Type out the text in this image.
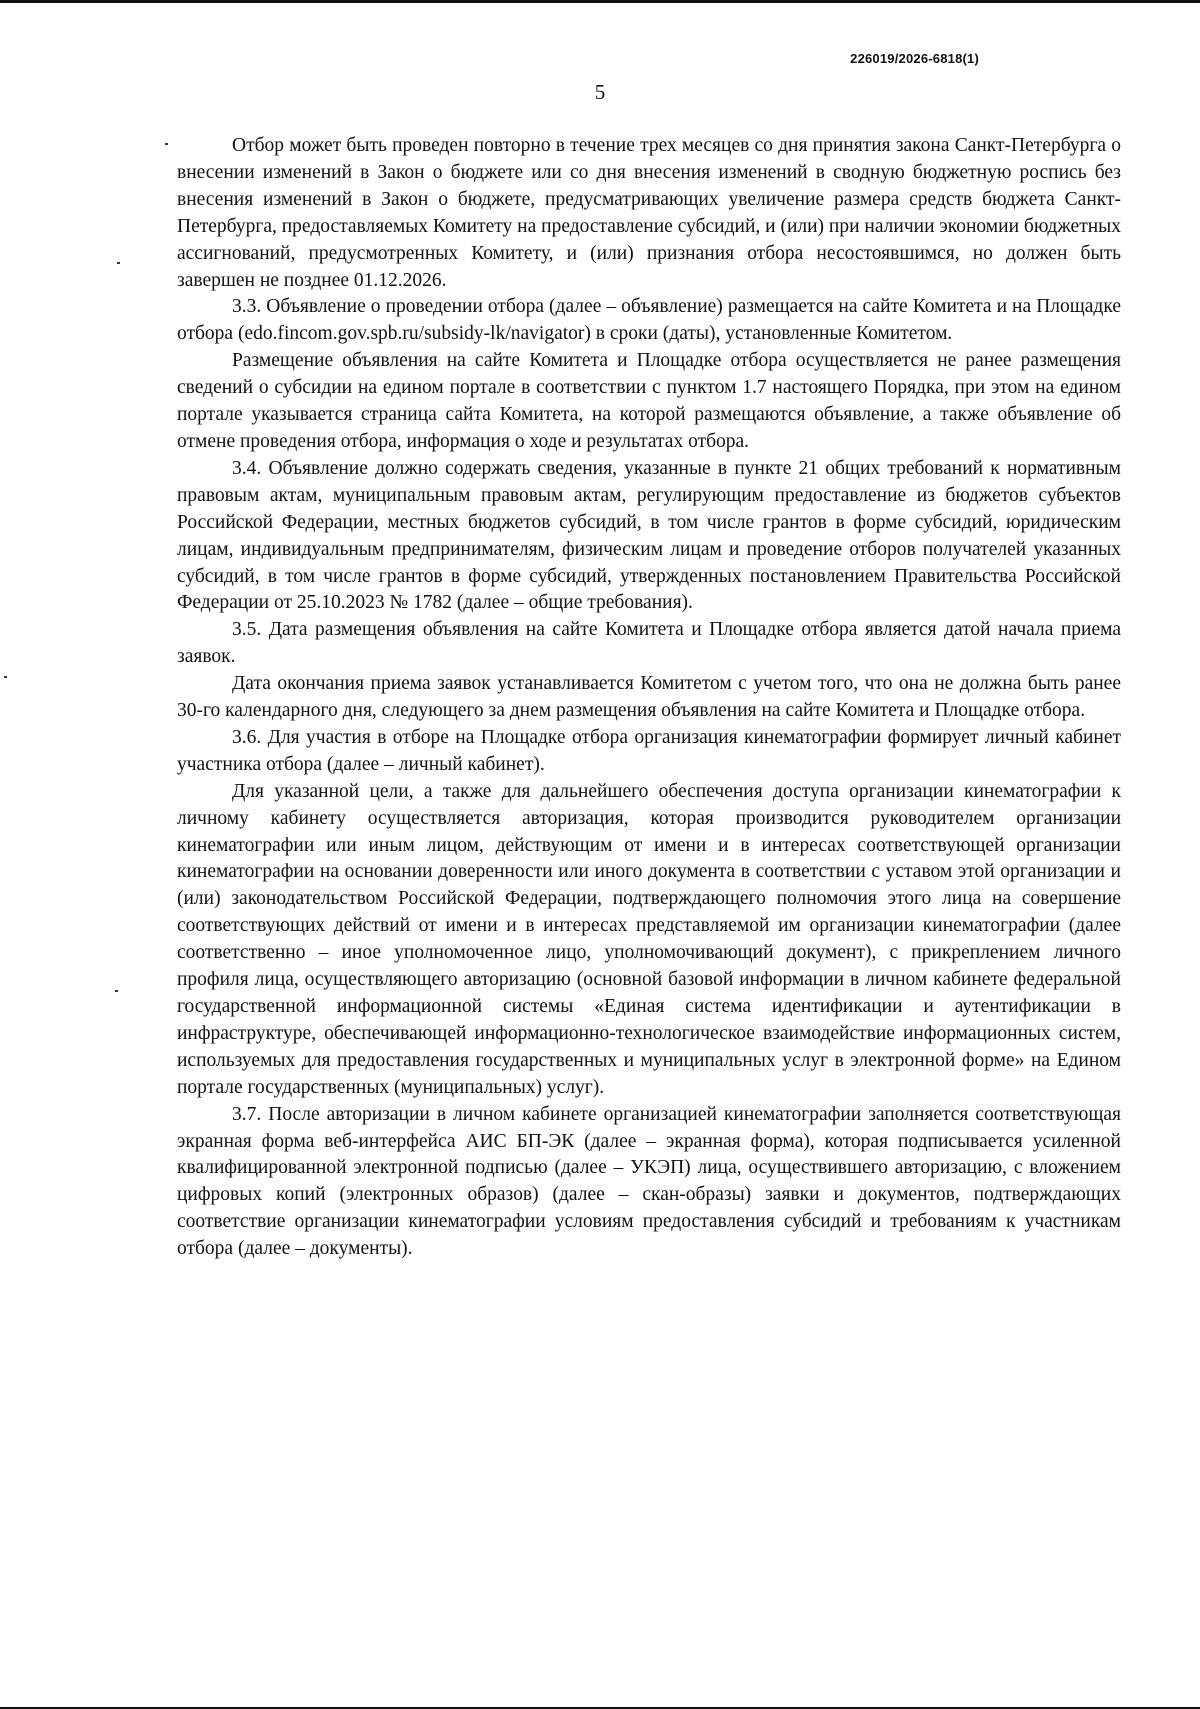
226019/2026-6818(1)
5

Отбор может быть проведен повторно в течение трех месяцев со дня принятия закона Санкт-Петербурга о внесении изменений в Закон о бюджете или со дня внесения изменений в сводную бюджетную роспись без внесения изменений в Закон о бюджете, предусматривающих увеличение размера средств бюджета Санкт-Петербурга, предоставляемых Комитету на предоставление субсидий, и (или) при наличии экономии бюджетных ассигнований, предусмотренных Комитету, и (или) признания отбора несостоявшимся, но должен быть завершен не позднее 01.12.2026.

3.3. Объявление о проведении отбора (далее – объявление) размещается на сайте Комитета и на Площадке отбора (edo.fincom.gov.spb.ru/subsidy-lk/navigator) в сроки (даты), установленные Комитетом.

Размещение объявления на сайте Комитета и Площадке отбора осуществляется не ранее размещения сведений о субсидии на едином портале в соответствии с пунктом 1.7 настоящего Порядка, при этом на едином портале указывается страница сайта Комитета, на которой размещаются объявление, а также объявление об отмене проведения отбора, информация о ходе и результатах отбора.

3.4. Объявление должно содержать сведения, указанные в пункте 21 общих требований к нормативным правовым актам, муниципальным правовым актам, регулирующим предоставление из бюджетов субъектов Российской Федерации, местных бюджетов субсидий, в том числе грантов в форме субсидий, юридическим лицам, индивидуальным предпринимателям, физическим лицам и проведение отборов получателей указанных субсидий, в том числе грантов в форме субсидий, утвержденных постановлением Правительства Российской Федерации от 25.10.2023 № 1782 (далее – общие требования).

3.5. Дата размещения объявления на сайте Комитета и Площадке отбора является датой начала приема заявок.

Дата окончания приема заявок устанавливается Комитетом с учетом того, что она не должна быть ранее 30-го календарного дня, следующего за днем размещения объявления на сайте Комитета и Площадке отбора.

3.6. Для участия в отборе на Площадке отбора организация кинематографии формирует личный кабинет участника отбора (далее – личный кабинет).

Для указанной цели, а также для дальнейшего обеспечения доступа организации кинематографии к личному кабинету осуществляется авторизация, которая производится руководителем организации кинематографии или иным лицом, действующим от имени и в интересах соответствующей организации кинематографии на основании доверенности или иного документа в соответствии с уставом этой организации и (или) законодательством Российской Федерации, подтверждающего полномочия этого лица на совершение соответствующих действий от имени и в интересах представляемой им организации кинематографии (далее соответственно – иное уполномоченное лицо, уполномочивающий документ), с прикреплением личного профиля лица, осуществляющего авторизацию (основной базовой информации в личном кабинете федеральной государственной информационной системы «Единая система идентификации и аутентификации в инфраструктуре, обеспечивающей информационно-технологическое взаимодействие информационных систем, используемых для предоставления государственных и муниципальных услуг в электронной форме» на Едином портале государственных (муниципальных) услуг).

3.7. После авторизации в личном кабинете организацией кинематографии заполняется соответствующая экранная форма веб-интерфейса АИС БП-ЭК (далее – экранная форма), которая подписывается усиленной квалифицированной электронной подписью (далее – УКЭП) лица, осуществившего авторизацию, с вложением цифровых копий (электронных образов) (далее – скан-образы) заявки и документов, подтверждающих соответствие организации кинематографии условиям предоставления субсидий и требованиям к участникам отбора (далее – документы).
